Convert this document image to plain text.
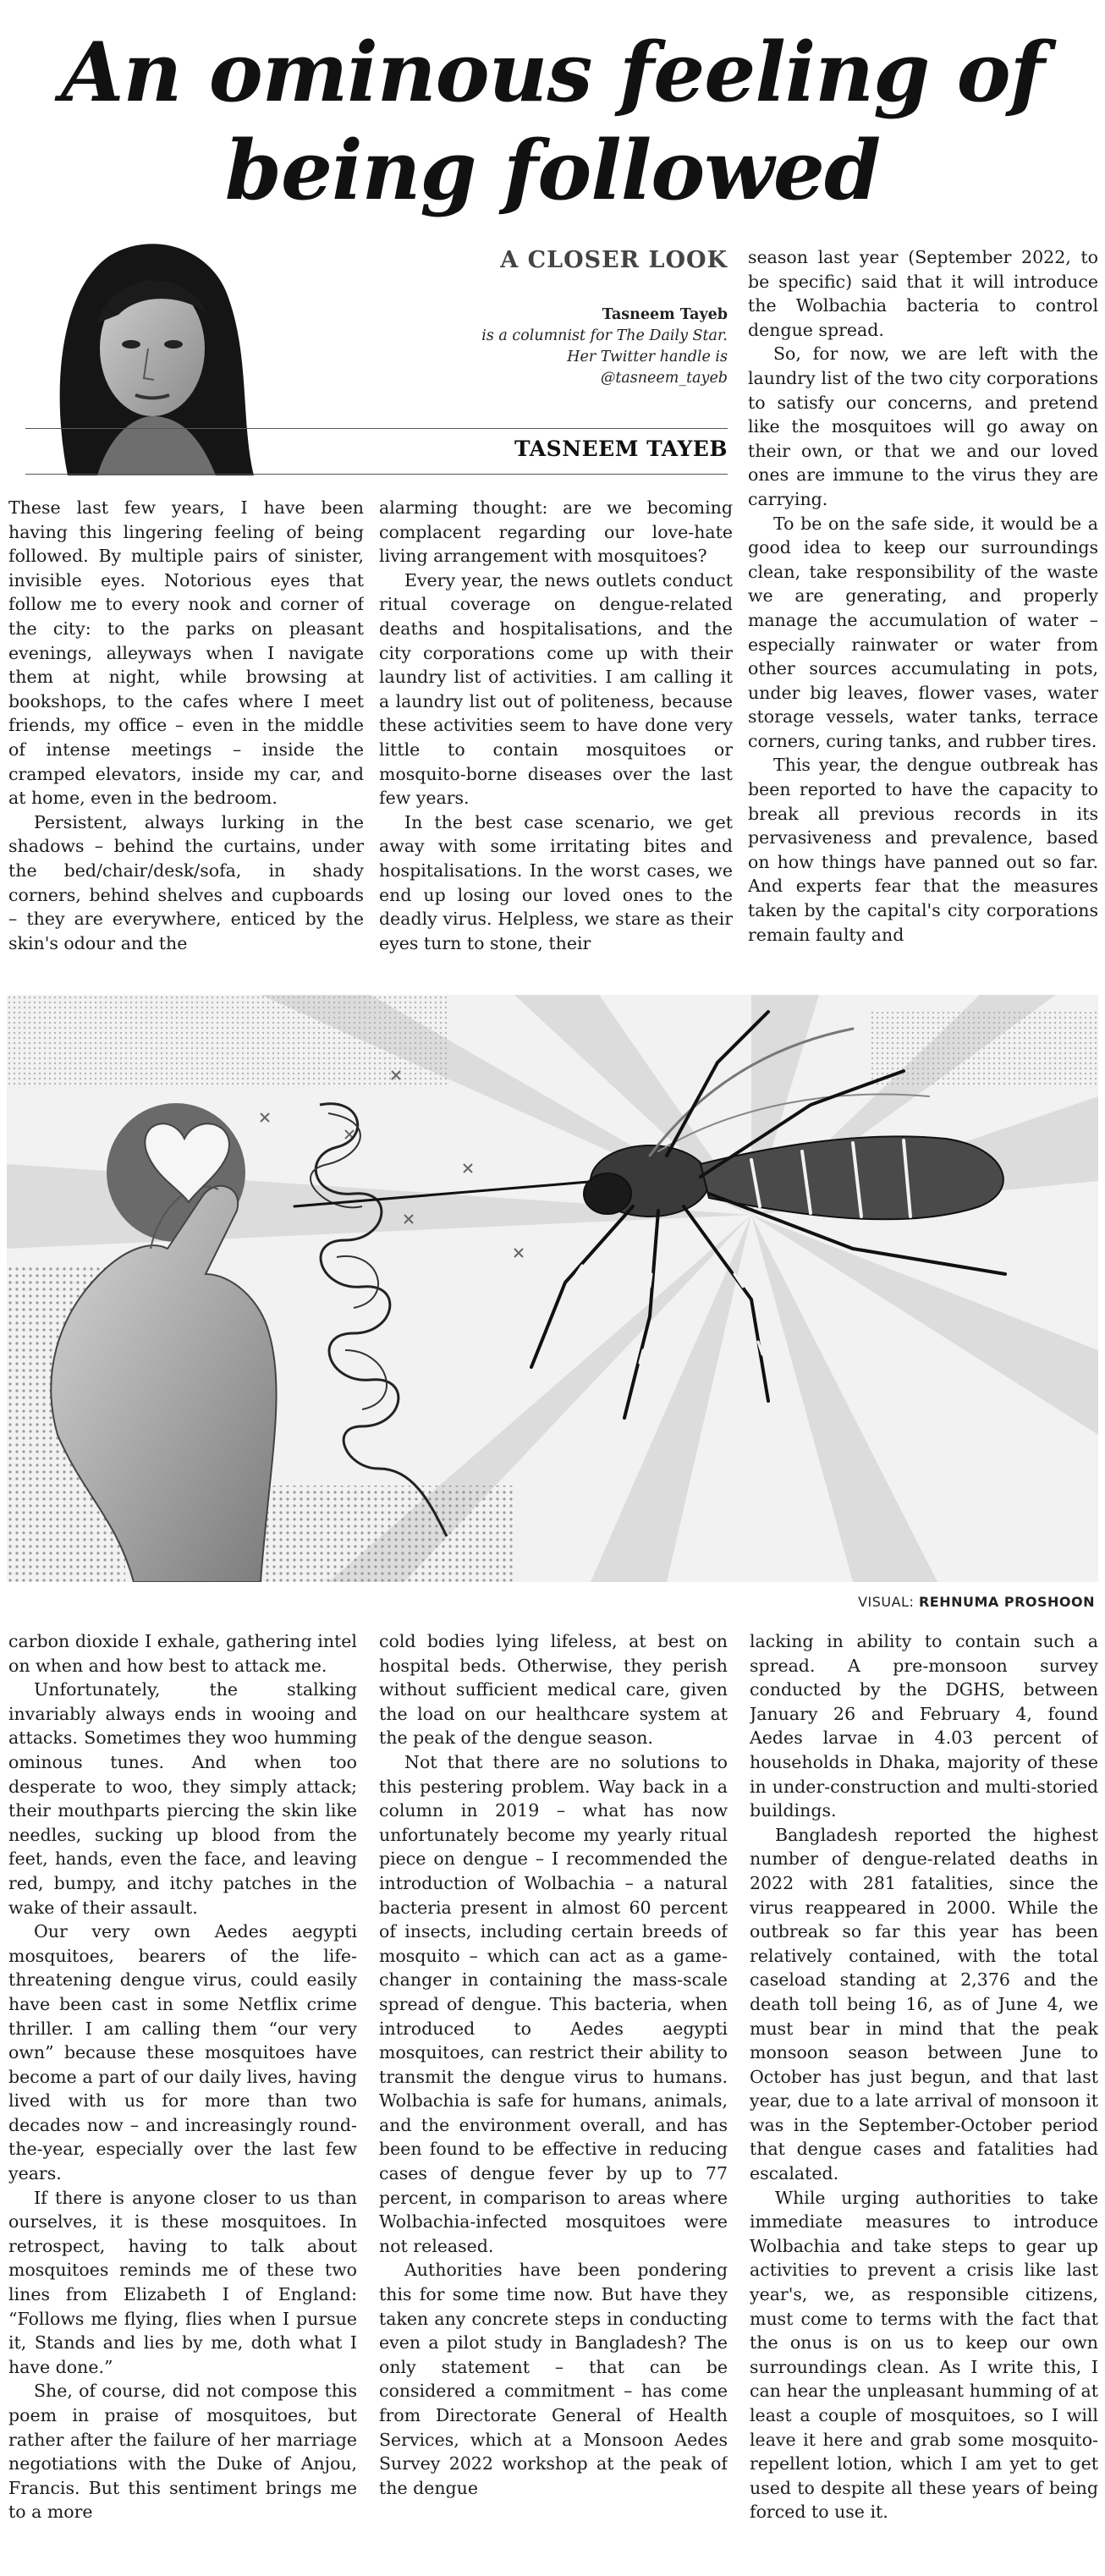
An ominous feeling of
being followed
A CLOSER LOOK
Tasneem Tayeb
is a columnist for The Daily Star.
Her Twitter handle is
@tasneem_tayeb
TASNEEM TAYEB

These last few years, I have been having this lingering feeling of being followed. By multiple pairs of sinister, invisible eyes. Notorious eyes that follow me to every nook and corner of the city: to the parks on pleasant evenings, alleyways when I navigate them at night, while browsing at bookshops, to the cafes where I meet friends, my office – even in the middle of intense meetings – inside the cramped elevators, inside my car, and at home, even in the bedroom.

Persistent, always lurking in the shadows – behind the curtains, under the bed/chair/desk/sofa, in shady corners, behind shelves and cupboards – they are everywhere, enticed by the skin's odour and the

alarming thought: are we becoming complacent regarding our love-hate living arrangement with mosquitoes?

Every year, the news outlets conduct ritual coverage on dengue-related deaths and hospitalisations, and the city corporations come up with their laundry list of activities. I am calling it a laundry list out of politeness, because these activities seem to have done very little to contain mosquitoes or mosquito-borne diseases over the last few years.

In the best case scenario, we get away with some irritating bites and hospitalisations. In the worst cases, we end up losing our loved ones to the deadly virus. Helpless, we stare as their eyes turn to stone, their

season last year (September 2022, to be specific) said that it will introduce the Wolbachia bacteria to control dengue spread.

So, for now, we are left with the laundry list of the two city corporations to satisfy our concerns, and pretend like the mosquitoes will go away on their own, or that we and our loved ones are immune to the virus they are carrying.

To be on the safe side, it would be a good idea to keep our surroundings clean, take responsibility of the waste we are generating, and properly manage the accumulation of water – especially rainwater or water from other sources accumulating in pots, under big leaves, flower vases, water storage vessels, water tanks, terrace corners, curing tanks, and rubber tires.

This year, the dengue outbreak has been reported to have the capacity to break all previous records in its pervasiveness and prevalence, based on how things have panned out so far. And experts fear that the measures taken by the capital's city corporations remain faulty and

VISUAL: REHNUMA PROSHOON

carbon dioxide I exhale, gathering intel on when and how best to attack me.

Unfortunately, the stalking invariably always ends in wooing and attacks. Sometimes they woo humming ominous tunes. And when too desperate to woo, they simply attack; their mouthparts piercing the skin like needles, sucking up blood from the feet, hands, even the face, and leaving red, bumpy, and itchy patches in the wake of their assault.

Our very own Aedes aegypti mosquitoes, bearers of the life-threatening dengue virus, could easily have been cast in some Netflix crime thriller. I am calling them “our very own” because these mosquitoes have become a part of our daily lives, having lived with us for more than two decades now – and increasingly round-the-year, especially over the last few years.

If there is anyone closer to us than ourselves, it is these mosquitoes. In retrospect, having to talk about mosquitoes reminds me of these two lines from Elizabeth I of England: “Follows me flying, flies when I pursue it, Stands and lies by me, doth what I have done.”

She, of course, did not compose this poem in praise of mosquitoes, but rather after the failure of her marriage negotiations with the Duke of Anjou, Francis. But this sentiment brings me to a more

cold bodies lying lifeless, at best on hospital beds. Otherwise, they perish without sufficient medical care, given the load on our healthcare system at the peak of the dengue season.

Not that there are no solutions to this pestering problem. Way back in a column in 2019 – what has now unfortunately become my yearly ritual piece on dengue – I recommended the introduction of Wolbachia – a natural bacteria present in almost 60 percent of insects, including certain breeds of mosquito – which can act as a game-changer in containing the mass-scale spread of dengue. This bacteria, when introduced to Aedes aegypti mosquitoes, can restrict their ability to transmit the dengue virus to humans. Wolbachia is safe for humans, animals, and the environment overall, and has been found to be effective in reducing cases of dengue fever by up to 77 percent, in comparison to areas where Wolbachia-infected mosquitoes were not released.

Authorities have been pondering this for some time now. But have they taken any concrete steps in conducting even a pilot study in Bangladesh? The only statement – that can be considered a commitment – has come from Directorate General of Health Services, which at a Monsoon Aedes Survey 2022 workshop at the peak of the dengue

lacking in ability to contain such a spread. A pre-monsoon survey conducted by the DGHS, between January 26 and February 4, found Aedes larvae in 4.03 percent of households in Dhaka, majority of these in under-construction and multi-storied buildings.

Bangladesh reported the highest number of dengue-related deaths in 2022 with 281 fatalities, since the virus reappeared in 2000. While the outbreak so far this year has been relatively contained, with the total caseload standing at 2,376 and the death toll being 16, as of June 4, we must bear in mind that the peak monsoon season between June to October has just begun, and that last year, due to a late arrival of monsoon it was in the September-October period that dengue cases and fatalities had escalated.

While urging authorities to take immediate measures to introduce Wolbachia and take steps to gear up activities to prevent a crisis like last year's, we, as responsible citizens, must come to terms with the fact that the onus is on us to keep our own surroundings clean. As I write this, I can hear the unpleasant humming of at least a couple of mosquitoes, so I will leave it here and grab some mosquito-repellent lotion, which I am yet to get used to despite all these years of being forced to use it.
